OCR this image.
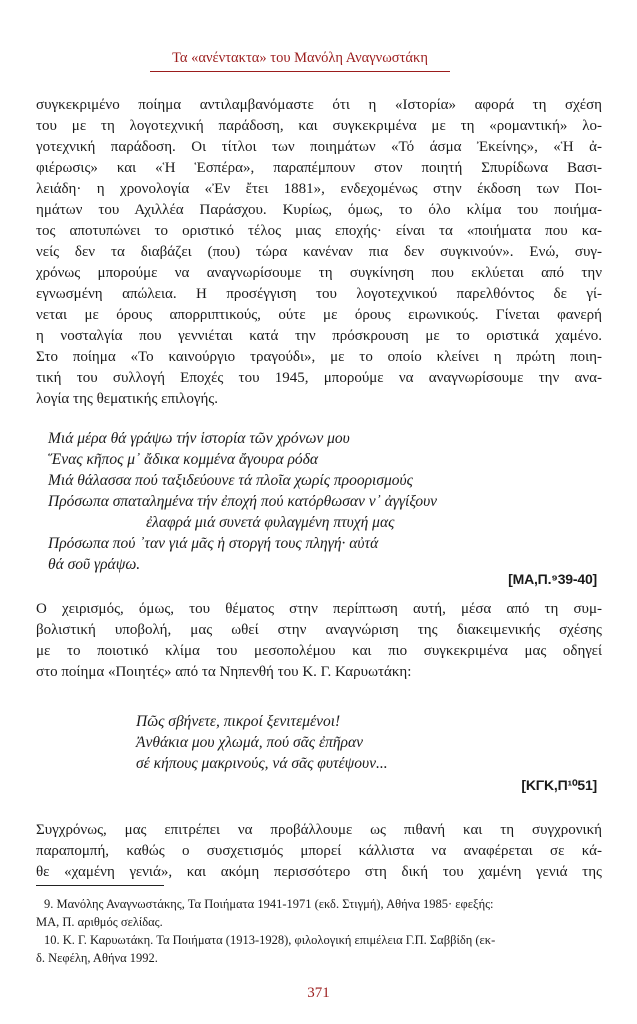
Τα «ανέντακτα» του Μανόλη Αναγνωστάκη

συγκεκριμένο ποίημα αντιλαμβανόμαστε ότι η «Ιστορία» αφορά τη σχέση
του με τη λογοτεχνική παράδοση, και συγκεκριμένα με τη «ρομαντική» λο-
γοτεχνική παράδοση. Οι τίτλοι των ποιημάτων «Τό άσμα Ἐκείνης», «Ἡ ἀ-
φιέρωσις» και «Ἡ Ἑσπέρα», παραπέμπουν στον ποιητή Σπυρίδωνα Βασι-
λειάδη· η χρονολογία «Ἐν ἔτει 1881», ενδεχομένως στην έκδοση των Ποι-
ημάτων του Αχιλλέα Παράσχου. Κυρίως, όμως, το όλο κλίμα του ποιήμα-
τος αποτυπώνει το οριστικό τέλος μιας εποχής· είναι τα «ποιήματα που κα-
νείς δεν τα διαβάζει (που) τώρα κανέναν πια δεν συγκινούν». Ενώ, συγ-
χρόνως μπορούμε να αναγνωρίσουμε τη συγκίνηση που εκλύεται από την
εγνωσμένη απώλεια. Η προσέγγιση του λογοτεχνικού παρελθόντος δε γί-
νεται με όρους απορριπτικούς, ούτε με όρους ειρωνικούς. Γίνεται φανερή
η νοσταλγία που γεννιέται κατά την πρόσκρουση με το οριστικά χαμένο.
Στο ποίημα «Το καινούργιο τραγούδι», με το οποίο κλείνει η πρώτη ποιη-
τική του συλλογή Εποχές του 1945, μπορούμε να αναγνωρίσουμε την ανα-
λογία της θεματικής επιλογής.

Μιά μέρα θά γράψω τήν ἱστορία τῶν χρόνων μου
Ἕνας κῆπος μ᾽ ἄδικα κομμένα ἄγουρα ρόδα
Μιά θάλασσα πού ταξιδεύουνε τά πλοῖα χωρίς προορισμούς
Πρόσωπα σπαταλημένα τήν ἐποχή πού κατόρθωσαν ν᾽ ἀγγίξουν
ἐλαφρά μιά συνετά φυλαγμένη πτυχή μας
Πρόσωπα πού ᾽ταν γιά μᾶς ἡ στοργή τους πληγή· αὐτά
θά σοῦ γράψω.
[ΜΑ,Π.⁹39-40]

Ο χειρισμός, όμως, του θέματος στην περίπτωση αυτή, μέσα από τη συμ-
βολιστική υποβολή, μας ωθεί στην αναγνώριση της διακειμενικής σχέσης
με το ποιοτικό κλίμα του μεσοπολέμου και πιο συγκεκριμένα μας οδηγεί
στο ποίημα «Ποιητές» από τα Νηπενθή του Κ. Γ. Καρυωτάκη:

Πῶς σβήνετε, πικροί ξενιτεμένοι!
Ἀνθάκια μου χλωμά, πού σᾶς ἐπῆραν
σέ κήπους μακρινούς, νά σᾶς φυτέψουν...
[ΚΓΚ,Π¹⁰51]

Συγχρόνως, μας επιτρέπει να προβάλλουμε ως πιθανή και τη συγχρονική
παραπομπή, καθώς ο συσχετισμός μπορεί κάλλιστα να αναφέρεται σε κά-
θε «χαμένη γενιά», και ακόμη περισσότερο στη δική του χαμένη γενιά της

9. Μανόλης Αναγνωστάκης, Τα Ποιήματα 1941-1971 (εκδ. Στιγμή), Αθήνα 1985· εφεξής:
ΜΑ, Π. αριθμός σελίδας.
10. Κ. Γ. Καρυωτάκη. Τα Ποιήματα (1913-1928), φιλολογική επιμέλεια Γ.Π. Σαββίδη (εκ-
δ. Νεφέλη, Αθήνα 1992.
371
